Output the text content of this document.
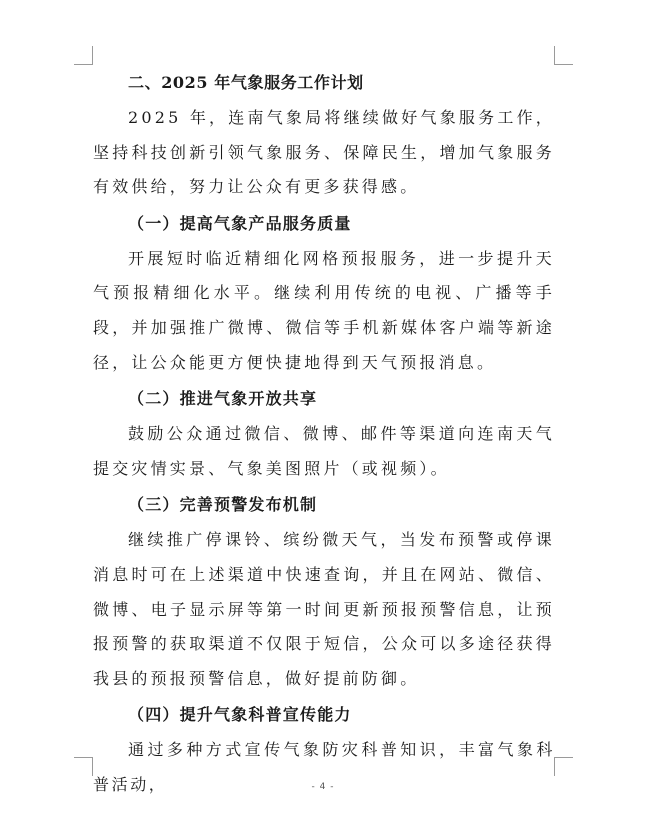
二、2025 年气象服务工作计划

2025 年，连南气象局将继续做好气象服务工作，坚持科技创新引领气象服务、保障民生，增加气象服务有效供给，努力让公众有更多获得感。

（一）提高气象产品服务质量

开展短时临近精细化网格预报服务，进一步提升天气预报精细化水平。继续利用传统的电视、广播等手段，并加强推广微博、微信等手机新媒体客户端等新途径，让公众能更方便快捷地得到天气预报消息。

（二）推进气象开放共享

鼓励公众通过微信、微博、邮件等渠道向连南天气提交灾情实景、气象美图照片（或视频）。

（三）完善预警发布机制

继续推广停课铃、缤纷微天气，当发布预警或停课消息时可在上述渠道中快速查询，并且在网站、微信、微博、电子显示屏等第一时间更新预报预警信息，让预报预警的获取渠道不仅限于短信，公众可以多途径获得我县的预报预警信息，做好提前防御。

（四）提升气象科普宣传能力

通过多种方式宣传气象防灾科普知识，丰富气象科普活动，	- 4 -
